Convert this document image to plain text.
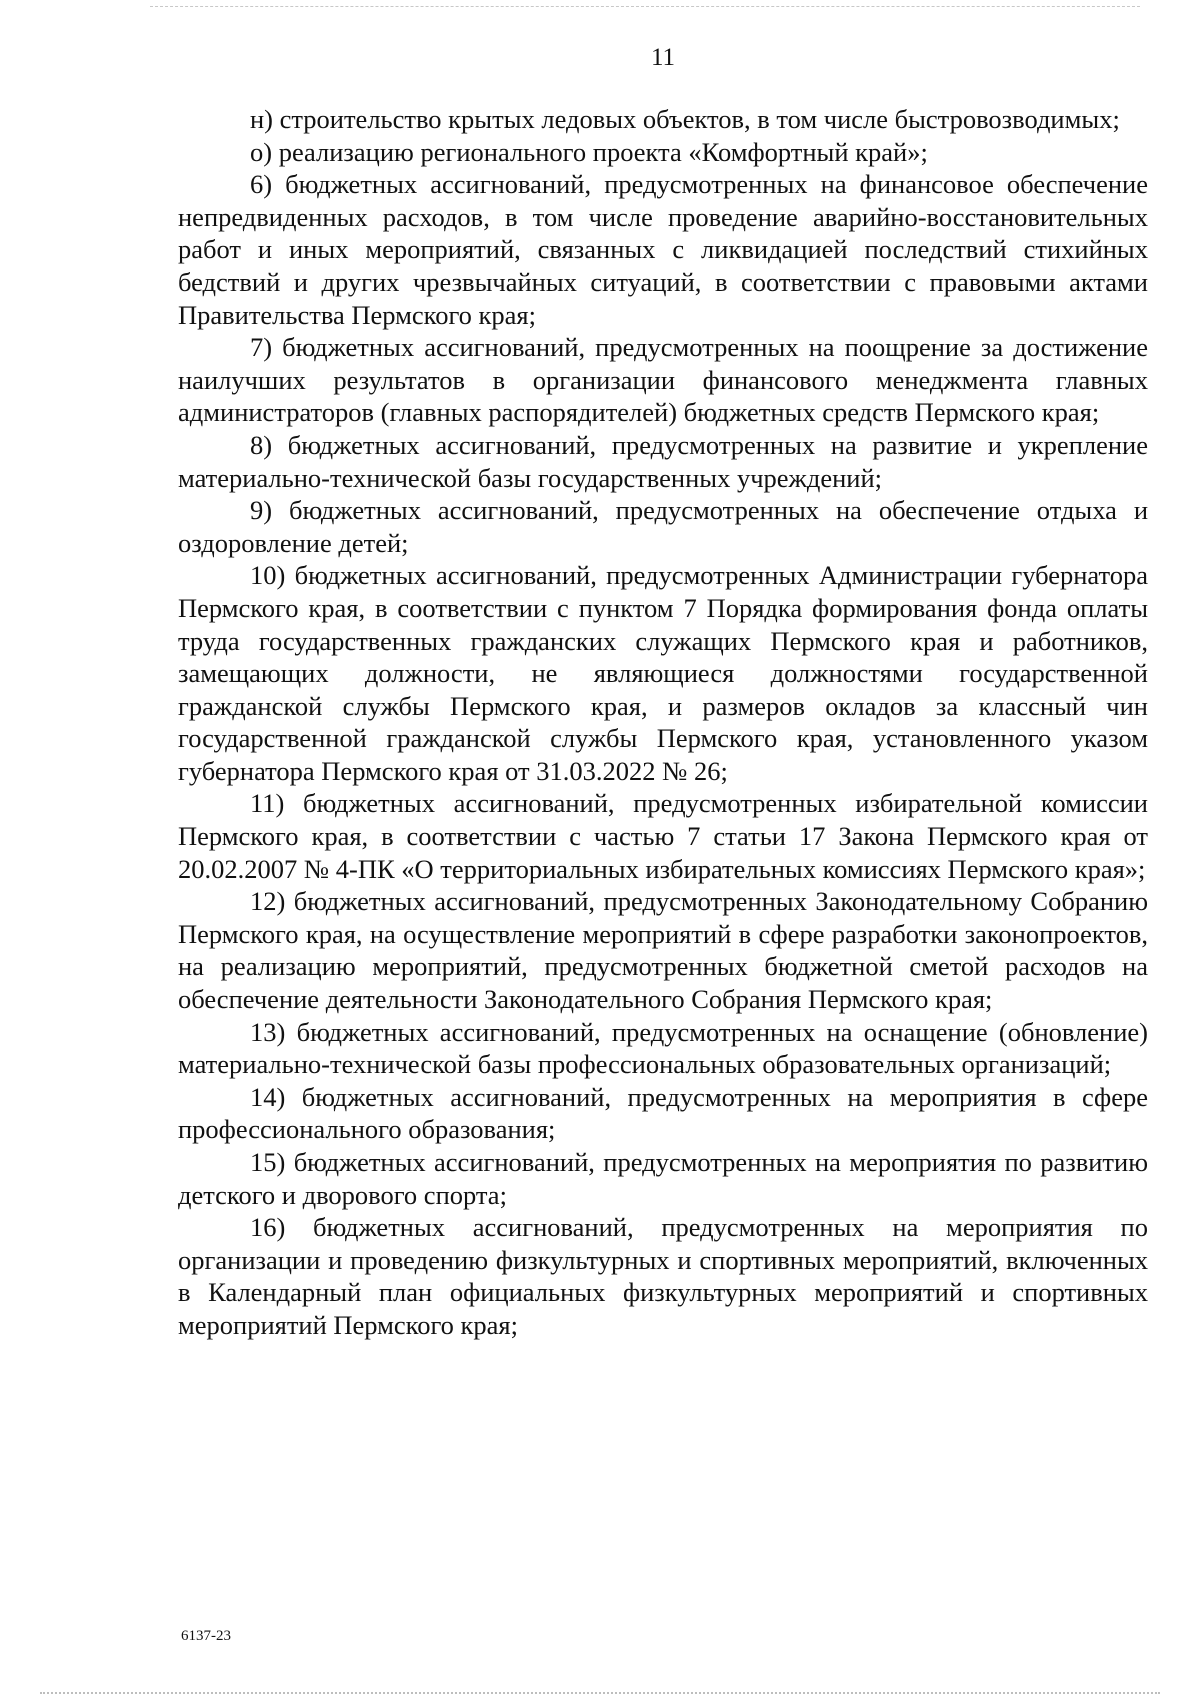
11

н) строительство крытых ледовых объектов, в том числе быстровозводимых;

о) реализацию регионального проекта «Комфортный край»;

6) бюджетных ассигнований, предусмотренных на финансовое обеспечение непредвиденных расходов, в том числе проведение аварийно-восстановительных работ и иных мероприятий, связанных с ликвидацией последствий стихийных бедствий и других чрезвычайных ситуаций, в соответствии с правовыми актами Правительства Пермского края;

7) бюджетных ассигнований, предусмотренных на поощрение за достижение наилучших результатов в организации финансового менеджмента главных администраторов (главных распорядителей) бюджетных средств Пермского края;

8) бюджетных ассигнований, предусмотренных на развитие и укрепление материально-технической базы государственных учреждений;

9) бюджетных ассигнований, предусмотренных на обеспечение отдыха и оздоровление детей;

10) бюджетных ассигнований, предусмотренных Администрации губернатора Пермского края, в соответствии с пунктом 7 Порядка формирования фонда оплаты труда государственных гражданских служащих Пермского края и работников, замещающих должности, не являющиеся должностями государственной гражданской службы Пермского края, и размеров окладов за классный чин государственной гражданской службы Пермского края, установленного указом губернатора Пермского края от 31.03.2022 № 26;

11) бюджетных ассигнований, предусмотренных избирательной комиссии Пермского края, в соответствии с частью 7 статьи 17 Закона Пермского края от 20.02.2007 № 4-ПК «О территориальных избирательных комиссиях Пермского края»;

12) бюджетных ассигнований, предусмотренных Законодательному Собранию Пермского края, на осуществление мероприятий в сфере разработки законопроектов, на реализацию мероприятий, предусмотренных бюджетной сметой расходов на обеспечение деятельности Законодательного Собрания Пермского края;

13) бюджетных ассигнований, предусмотренных на оснащение (обновление) материально-технической базы профессиональных образовательных организаций;

14) бюджетных ассигнований, предусмотренных на мероприятия в сфере профессионального образования;

15) бюджетных ассигнований, предусмотренных на мероприятия по развитию детского и дворового спорта;

16) бюджетных ассигнований, предусмотренных на мероприятия по организации и проведению физкультурных и спортивных мероприятий, включенных в Календарный план официальных физкультурных мероприятий и спортивных мероприятий Пермского края;

6137-23
